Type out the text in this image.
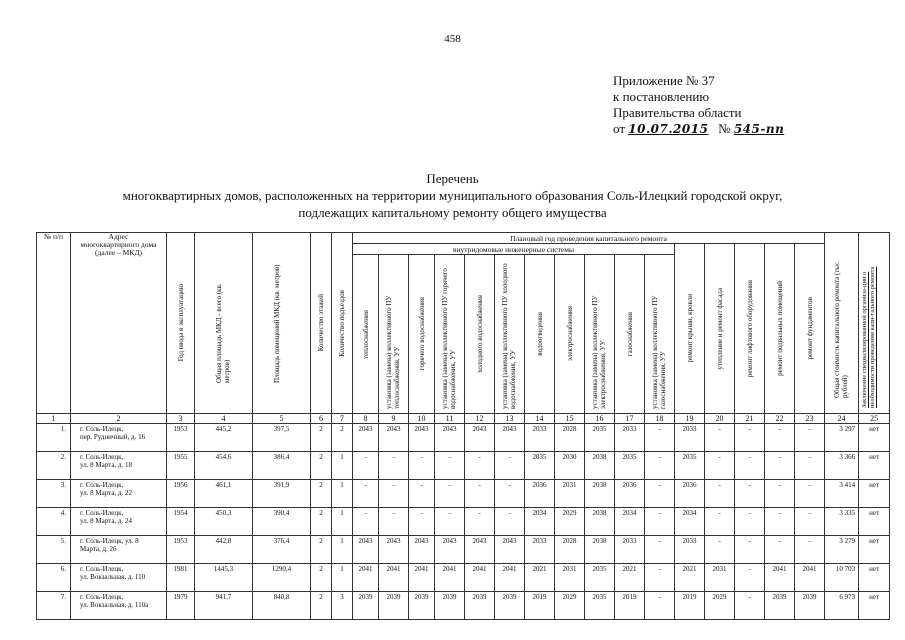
458
Приложение № 37
к постановлению
Правительства области
от 10.07.2015 № 545-пп
Перечень
многоквартирных домов, расположенных на территории муниципального образования Соль-Илецкий городской округ,
подлежащих капитальному ремонту общего имущества
№ п/п	Адрес многоквартирного дома (далее – МКД)	Год ввода в эксплуатацию	Общая площадь МКД - всего (кв. метров)	Площадь помещений МКД (кв. метров)	Количество этажей	Количество подъездов	Плановый год проведения капитального ремонта																Общая стоимость капитального ремонта (тыс. рублей)	Заключение специализированной организа-ции о необходимости проведения капи-тального ремонта

							внутридомовые инженерные системы											ремонт крыши, кровли	утепление и ремонт фасада	ремонт лифтового оборудования	ремонт подвальных помещений	ремонт фундаментов		

							теплоснабжения	установка (замена) коллективного ПУ теплоснабжения, УУ	горячего водоснабжения	установка (замена) коллективного ПУ горячего водоснабжения, УУ	холодного водоснабжения	установка (замена) коллективного ПУ холодного водоснабжения, УУ	водоотведения	электроснабжения	установка (замена) коллективного ПУ электроснабжения, УУ	газоснабжения	установка (замена) коллективного ПУ газоснабжения, УУ							

1	2	3	4	5	6	7	8	9	10	11	12	13	14	15	16	17	18	19	20	21	22	23	24	25
1.	г. Соль-Илецк,
пер. Рудничный, д. 16	1953	445,2	397,5	2	2	2043	2043	2043	2043	2043	2043	2033	2028	2035	2033	-	2033	-	-	-	-	3 297	нет
2.	г. Соль-Илецк,
ул. 8 Марта, д. 18	1955	454,6	386,4	2	1	-	-	-	-	-	-	2035	2030	2038	2035	-	2035	-	-	-	-	3 366	нет
3.	г. Соль-Илецк,
ул. 8 Марта, д. 22	1956	461,1	391,9	2	1	-	-	-	-	-	-	2036	2031	2038	2036	-	2036	-	-	-	-	3 414	нет
4.	г. Соль-Илецк,
ул. 8 Марта, д. 24	1954	450,3	390,4	2	1	-	-	-	-	-	-	2034	2029	2038	2034	-	2034	-	-	-	-	3 335	нет
5.	г. Соль-Илецк, ул. 8
Марта, д. 26	1953	442,8	376,4	2	1	2043	2043	2043	2043	2043	2043	2033	2028	2038	2033	-	2033	-	-	-	-	3 279	нет
6.	г. Соль-Илецк,
ул. Вокзальная, д. 110	1981	1445,3	1290,4	2	1	2041	2041	2041	2041	2041	2041	2021	2031	2035	2021	-	2021	2031	-	2041	2041	10 703	нет
7.	г. Соль-Илецк,
ул. Вокзальная, д. 110а	1979	941,7	840,8	2	3	2039	2039	2039	2039	2039	2039	2019	2029	2035	2019	-	2019	2029	-	2039	2039	6 973	нет
